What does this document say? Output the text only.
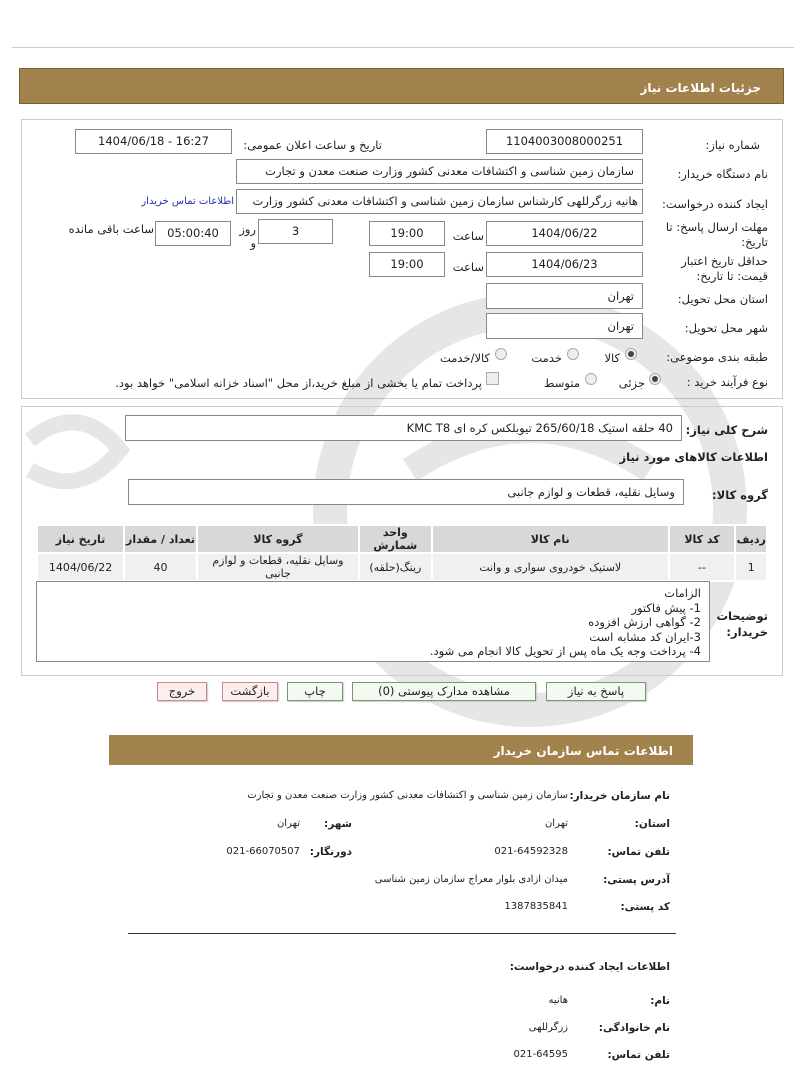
جزئیات اطلاعات نیاز
شماره نیاز:
1104003008000251
تاریخ و ساعت اعلان عمومی:
1404/06/18 - 16:27
نام دستگاه خریدار:
سازمان زمین شناسی و اکتشافات معدنی کشور وزارت صنعت معدن و تجارت
ایجاد کننده درخواست:
هانیه زرگرللهی کارشناس سازمان زمین شناسی و اکتشافات معدنی کشور وزارت
اطلاعات تماس خریدار
مهلت ارسال پاسخ: تا تاریخ:
1404/06/22
ساعت
19:00
3
روز و
05:00:40
ساعت باقی مانده
حداقل تاریخ اعتبار قیمت: تا تاریخ:
1404/06/23
ساعت
19:00
استان محل تحویل:
تهران
شهر محل تحویل:
تهران
طبقه بندی موضوعی:
کالا
خدمت
کالا/خدمت
نوع فرآیند خرید :
جزئی
متوسط
پرداخت تمام یا بخشی از مبلغ خرید،از محل "اسناد خزانه اسلامی" خواهد بود.
شرح کلی نیاز:
40 حلقه استیک 265/60/18 تیوبلکس کره ای KMC T8
اطلاعات کالاهای مورد نیاز
گروه کالا:
وسایل نقلیه، قطعات و لوازم جانبی
ردیف	کد کالا	نام کالا	واحد شمارش	گروه کالا	تعداد / مقدار	تاریخ نیاز
1	--	لاستیک خودروی سواری و وانت	رینگ(حلقه)	وسایل نقلیه، قطعات و لوازم جانبی	40	1404/06/22
توضیحات خریدار:
الزامات
1- پیش فاکتور
2- گواهی ارزش افزوده
3-ایران کد مشابه است
4- پرداخت وجه یک ماه پس از تحویل کالا انجام می شود.
پاسخ به نیاز
مشاهده مدارک پیوستی (0)
چاپ
بازگشت
خروج
اطلاعات تماس سازمان خریدار
نام سازمان خریدار:
سازمان زمین شناسی و اکتشافات معدنی کشور وزارت صنعت معدن و تجارت
استان:
تهران
شهر:
تهران
تلفن تماس:
021-64592328
دورنگار:
021-66070507
آدرس پستی:
میدان ازادی بلوار معراج سازمان زمین شناسی
کد پستی:
1387835841
اطلاعات ایجاد کننده درخواست:
نام:
هانیه
نام خانوادگی:
زرگرللهی
تلفن تماس:
021-64595
